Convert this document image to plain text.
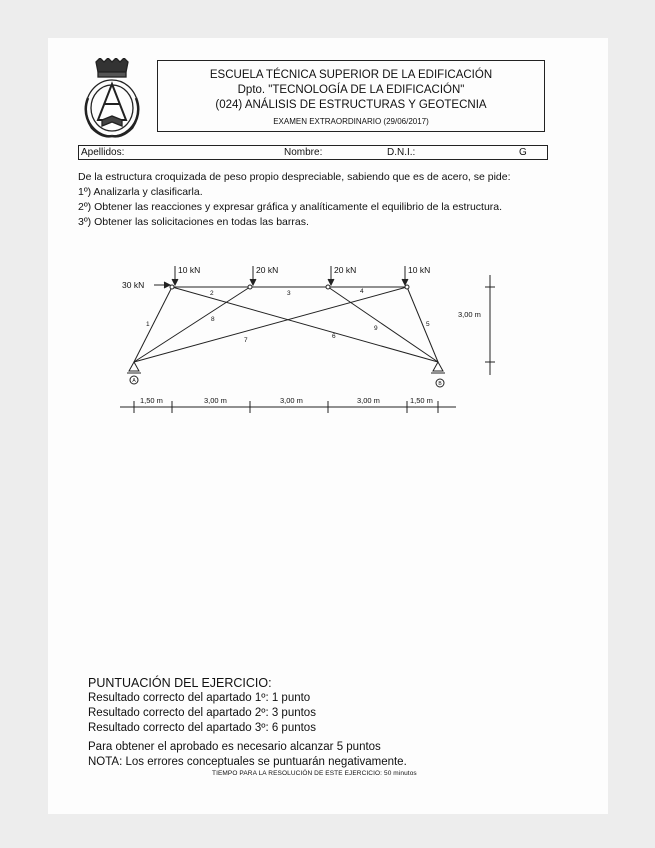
ESCUELA TÉCNICA SUPERIOR DE LA EDIFICACIÓN
Dpto. "TECNOLOGÍA DE LA EDIFICACIÓN"
(024) ANÁLISIS DE ESTRUCTURAS Y GEOTECNIA
EXAMEN EXTRAORDINARIO (29/06/2017)
Apellidos:	Nombre:	D.N.I.:	G
De la estructura croquizada de peso propio despreciable, sabiendo que es de acero, se pide:
1º) Analizarla y clasificarla.
2º) Obtener las reacciones y expresar gráfica y analíticamente el equilibrio de la estructura.
3º) Obtener las solicitaciones en todas las barras.
10 kN	20 kN	20 kN	10 kN
30 kN
1
2	3	4
5
6
7
8
9
A	B
3,00 m
1,50 m	3,00 m	3,00 m	3,00 m	1,50 m
PUNTUACIÓN DEL EJERCICIO:
Resultado correcto del apartado 1º: 1 punto
Resultado correcto del apartado 2º: 3 puntos
Resultado correcto del apartado 3º: 6 puntos
Para obtener el aprobado es necesario alcanzar 5 puntos
NOTA: Los errores conceptuales se puntuarán negativamente.
TIEMPO PARA LA RESOLUCIÓN DE ESTE EJERCICIO: 50 minutos
